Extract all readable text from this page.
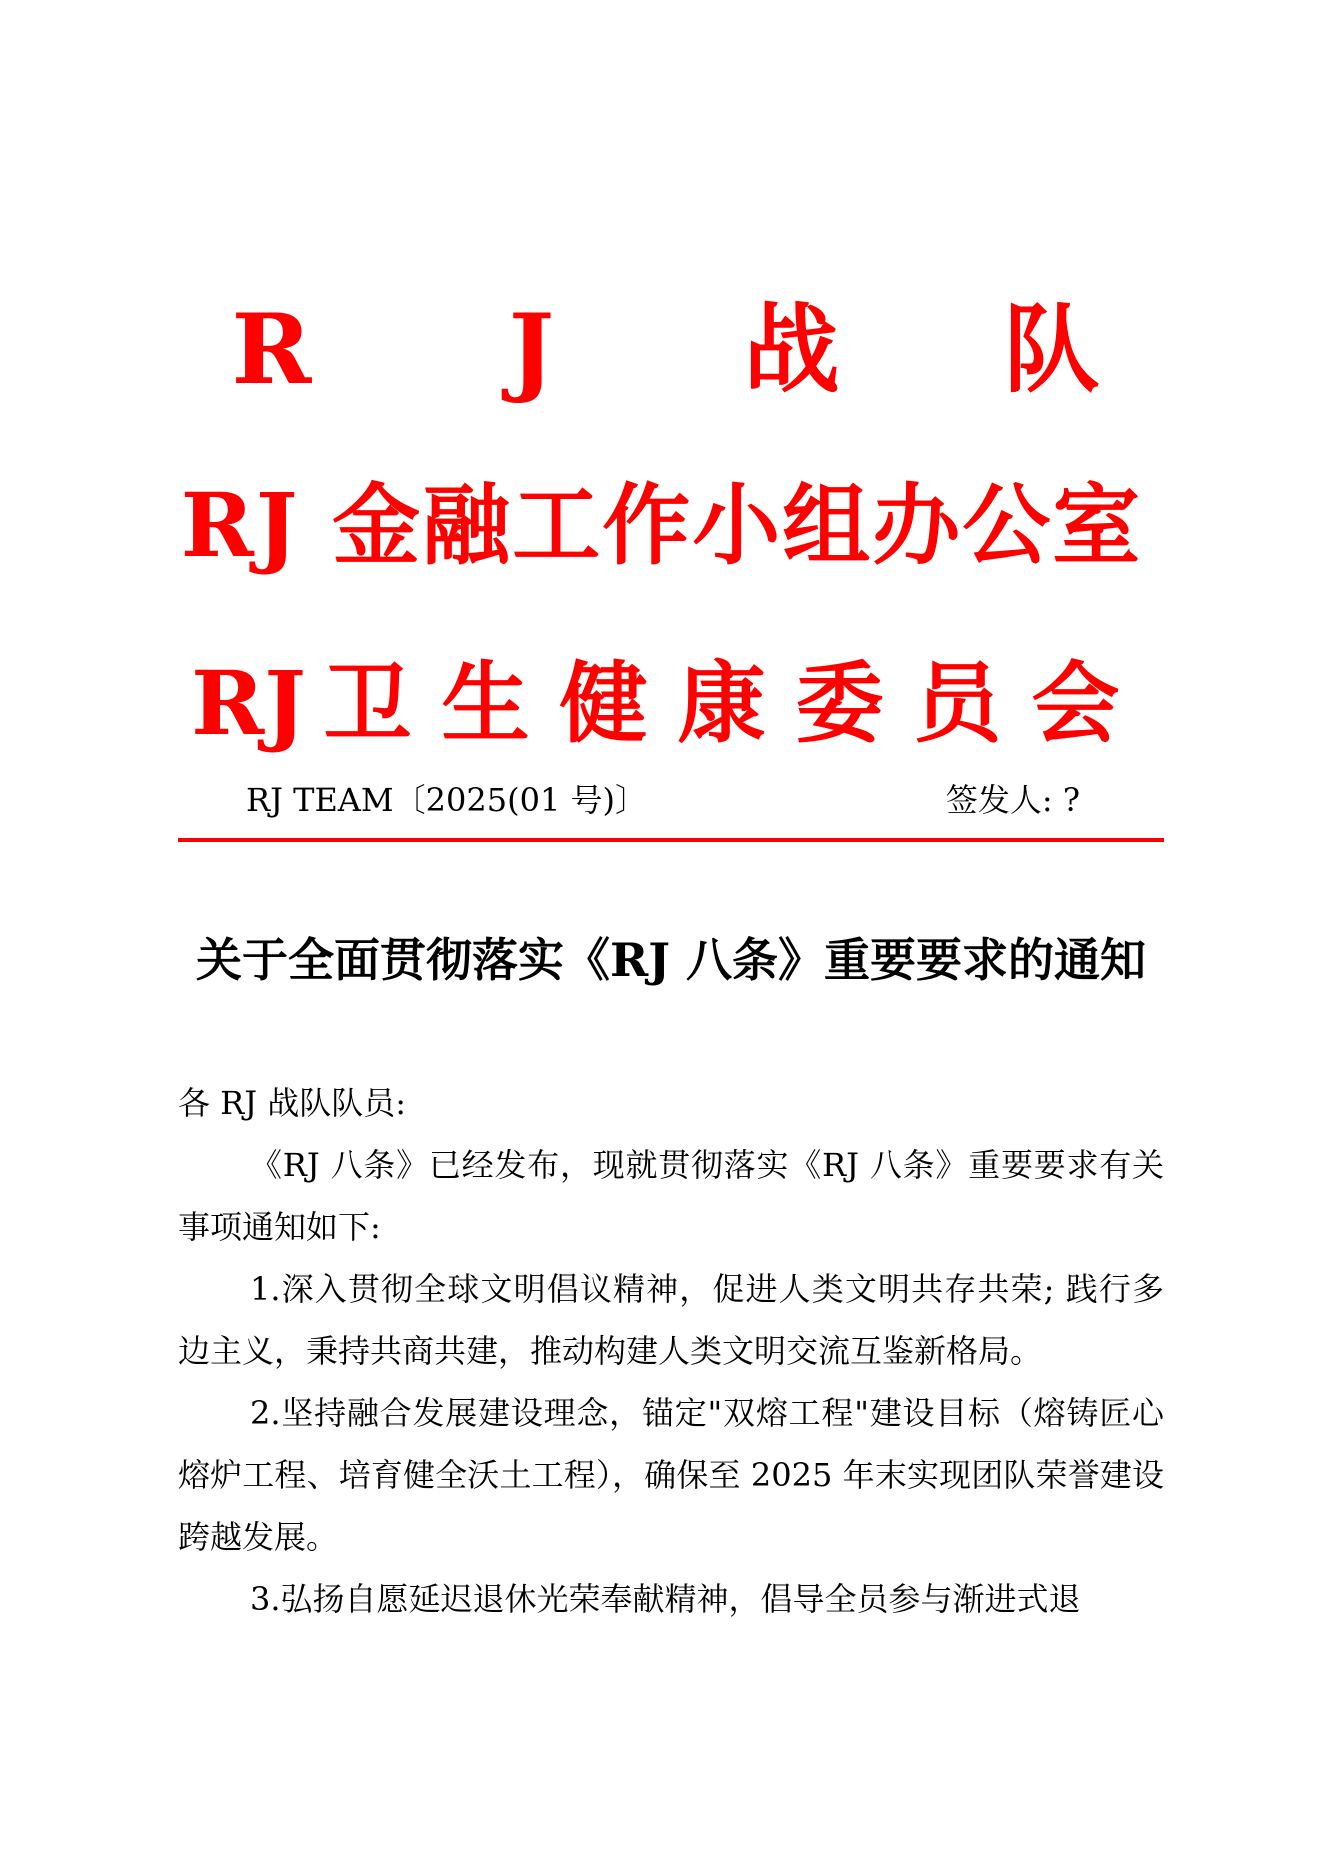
R J 战 队
RJ 金融工作小组办公室
RJ 卫 生 健 康 委 员 会
RJ TEAM〔2025(01 号)〕	签发人: ?
关于全面贯彻落实《RJ 八条》重要要求的通知

各 RJ 战队队员:

《RJ 八条》已经发布，现就贯彻落实《RJ 八条》重要要求有关事项通知如下:

1.深入贯彻全球文明倡议精神，促进人类文明共存共荣; 践行多边主义，秉持共商共建，推动构建人类文明交流互鉴新格局。

2.坚持融合发展建设理念，锚定"双熔工程"建设目标（熔铸匠心熔炉工程、培育健全沃土工程），确保至 2025 年末实现团队荣誉建设跨越发展。

3.弘扬自愿延迟退休光荣奉献精神，倡导全员参与渐进式退
